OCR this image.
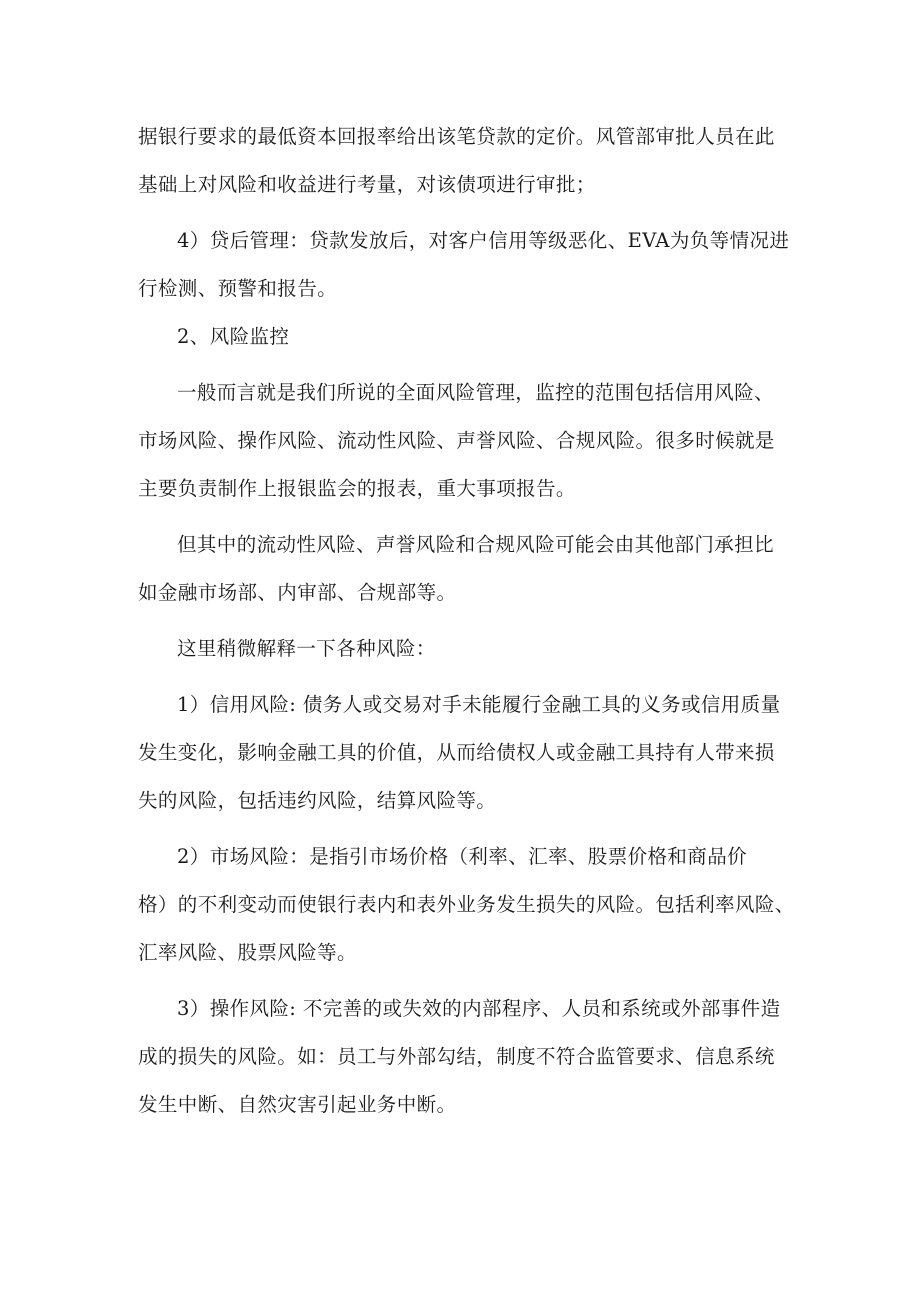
据银行要求的最低资本回报率给出该笔贷款的定价。风管部审批人员在此
基础上对风险和收益进行考量，对该债项进行审批；
4）贷后管理：贷款发放后，对客户信用等级恶化、EVA为负等情况进
行检测、预警和报告。
2、风险监控
一般而言就是我们所说的全面风险管理，监控的范围包括信用风险、
市场风险、操作风险、流动性风险、声誉风险、合规风险。很多时候就是
主要负责制作上报银监会的报表，重大事项报告。
但其中的流动性风险、声誉风险和合规风险可能会由其他部门承担比
如金融市场部、内审部、合规部等。
这里稍微解释一下各种风险：
1）信用风险: 债务人或交易对手未能履行金融工具的义务或信用质量
发生变化，影响金融工具的价值，从而给债权人或金融工具持有人带来损
失的风险，包括违约风险，结算风险等。
2）市场风险：是指引市场价格（利率、汇率、股票价格和商品价
格）的不利变动而使银行表内和表外业务发生损失的风险。包括利率风险、
汇率风险、股票风险等。
3）操作风险: 不完善的或失效的内部程序、人员和系统或外部事件造
成的损失的风险。如：员工与外部勾结，制度不符合监管要求、信息系统
发生中断、自然灾害引起业务中断。
